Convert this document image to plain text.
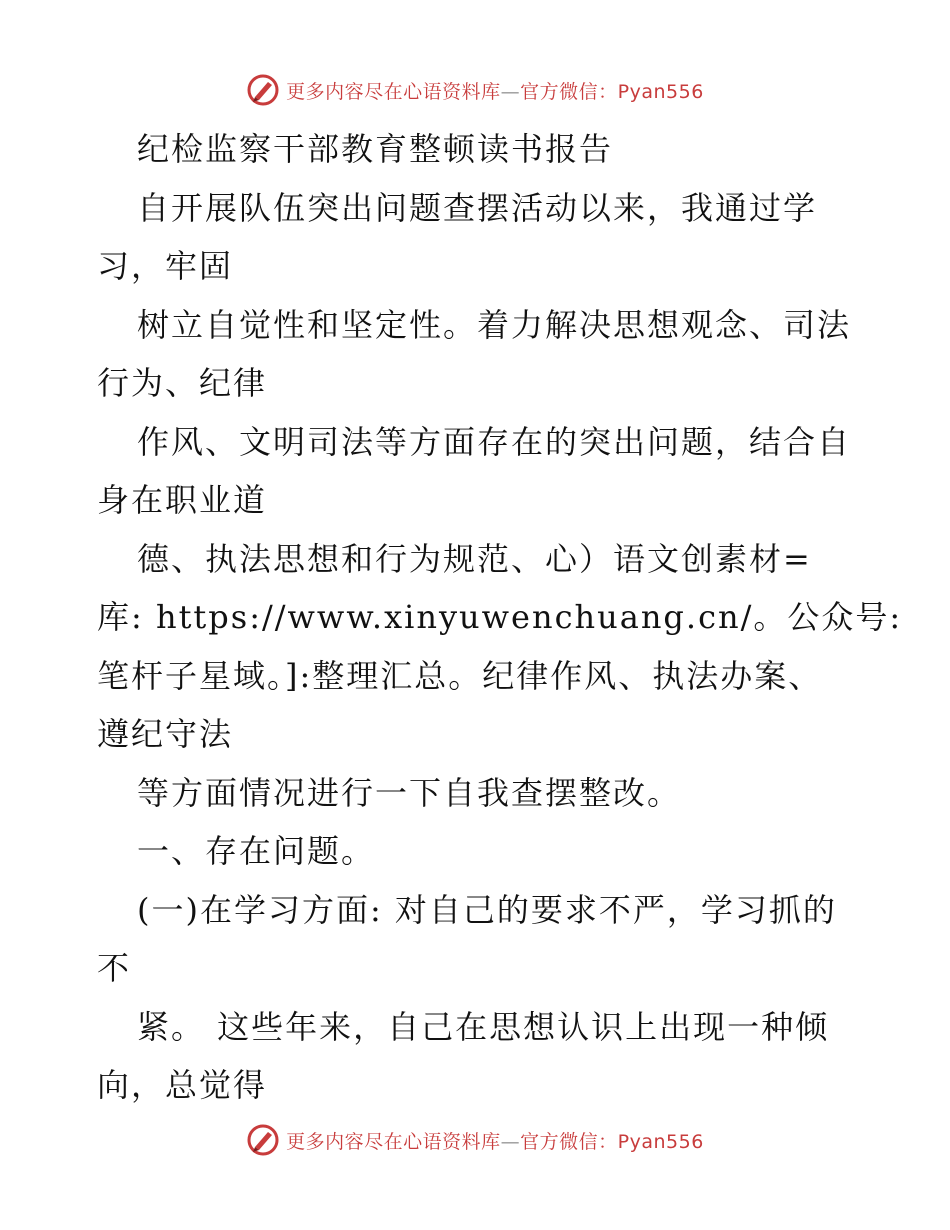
更多内容尽在心语资料库—官方微信：Pyan556
纪检监察干部教育整顿读书报告
自开展队伍突出问题查摆活动以来，我通过学
习，牢固
树立自觉性和坚定性。着力解决思想观念、司法
行为、纪律
作风、文明司法等方面存在的突出问题，结合自
身在职业道
德、执法思想和行为规范、心）语文创素材=
库: https://www.xinyuwenchuang.cn/。公众号:
笔杆子星域。]:整理汇总。纪律作风、执法办案、
遵纪守法
等方面情况进行一下自我查摆整改。
一、存在问题。
(一)在学习方面: 对自己的要求不严，学习抓的
不
紧。 这些年来，自己在思想认识上出现一种倾
向，总觉得
更多内容尽在心语资料库—官方微信：Pyan556
